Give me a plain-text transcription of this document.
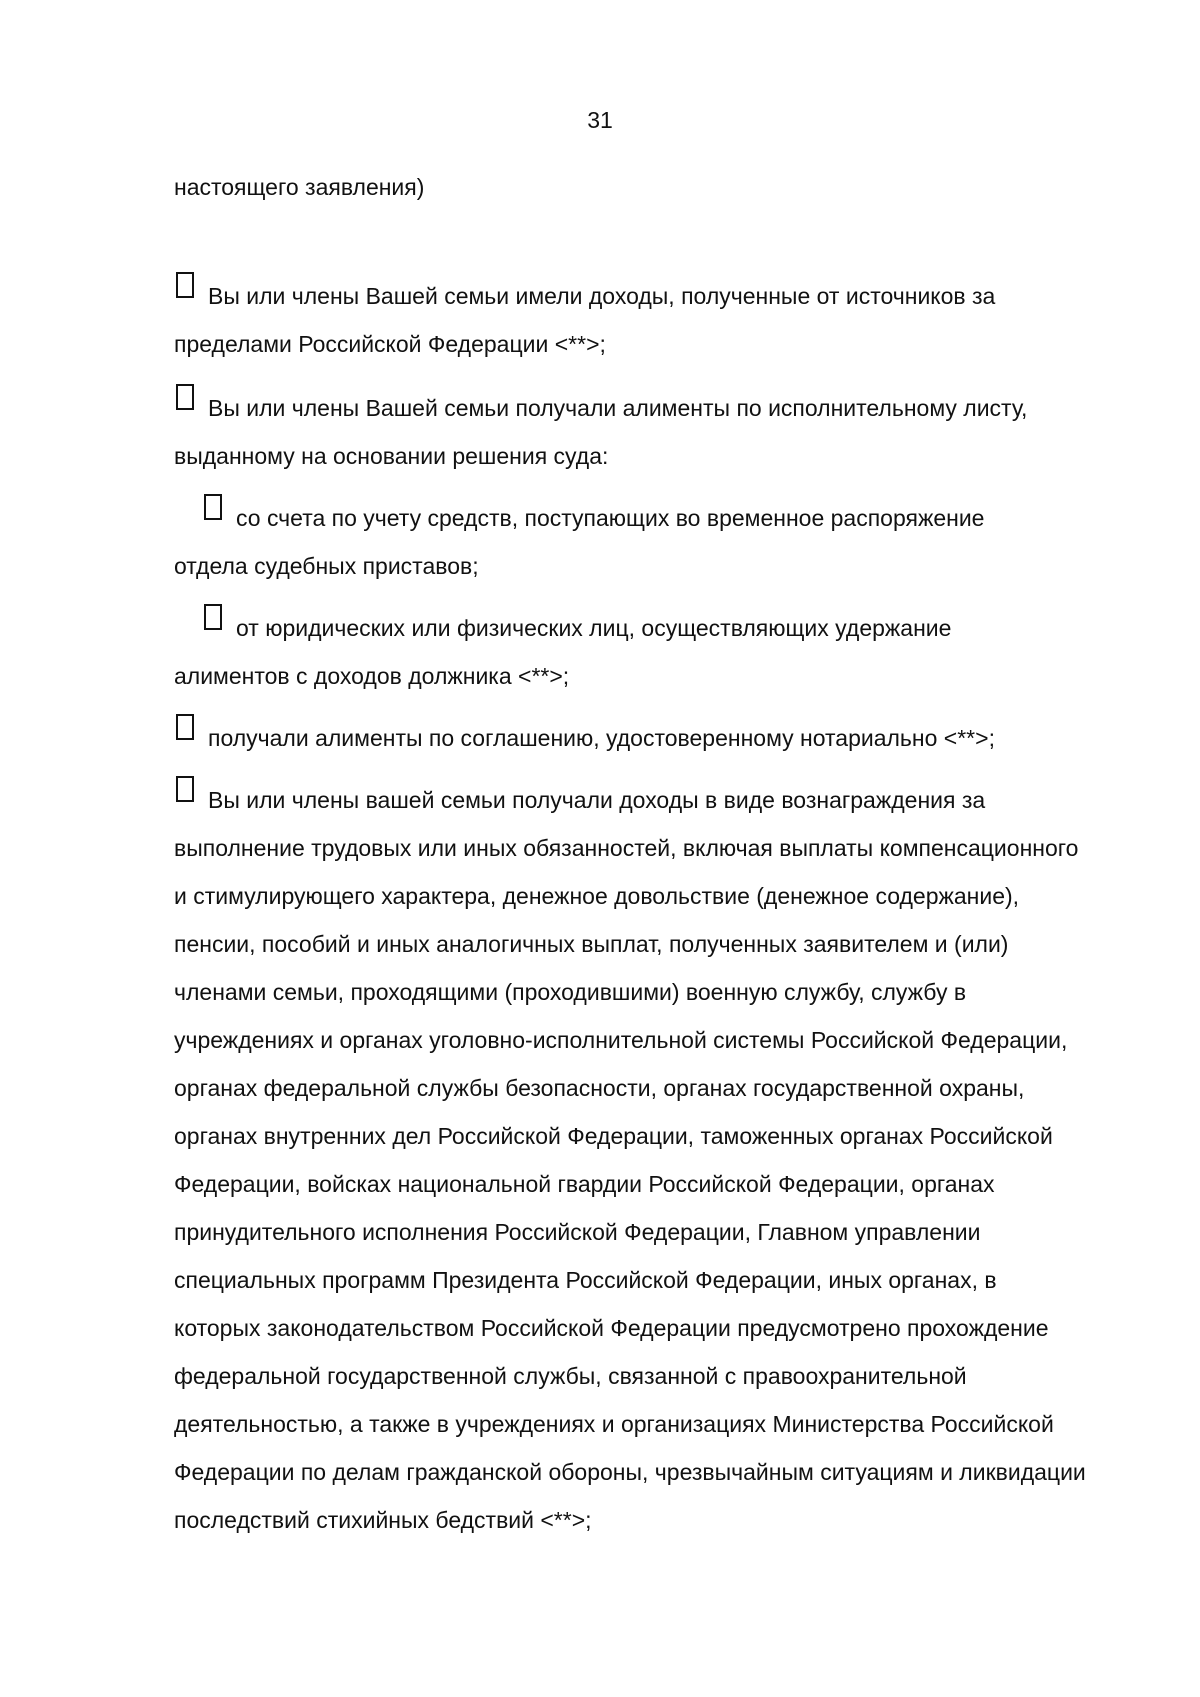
31
настоящего заявления)
Вы или члены Вашей семьи имели доходы, полученные от источников за
пределами Российской Федерации <**>;
Вы или члены Вашей семьи получали алименты по исполнительному листу,
выданному на основании решения суда:
со счета по учету средств, поступающих во временное распоряжение
отдела судебных приставов;
от юридических или физических лиц, осуществляющих удержание
алиментов с доходов должника <**>;
получали алименты по соглашению, удостоверенному нотариально <**>;
Вы или члены вашей семьи получали доходы в виде вознаграждения за
выполнение трудовых или иных обязанностей, включая выплаты компенсационного
и стимулирующего характера, денежное довольствие (денежное содержание),
пенсии, пособий и иных аналогичных выплат, полученных заявителем и (или)
членами семьи, проходящими (проходившими) военную службу, службу в
учреждениях и органах уголовно-исполнительной системы Российской Федерации,
органах федеральной службы безопасности, органах государственной охраны,
органах внутренних дел Российской Федерации, таможенных органах Российской
Федерации, войсках национальной гвардии Российской Федерации, органах
принудительного исполнения Российской Федерации, Главном управлении
специальных программ Президента Российской Федерации, иных органах, в
которых законодательством Российской Федерации предусмотрено прохождение
федеральной государственной службы, связанной с правоохранительной
деятельностью, а также в учреждениях и организациях Министерства Российской
Федерации по делам гражданской обороны, чрезвычайным ситуациям и ликвидации
последствий стихийных бедствий <**>;
